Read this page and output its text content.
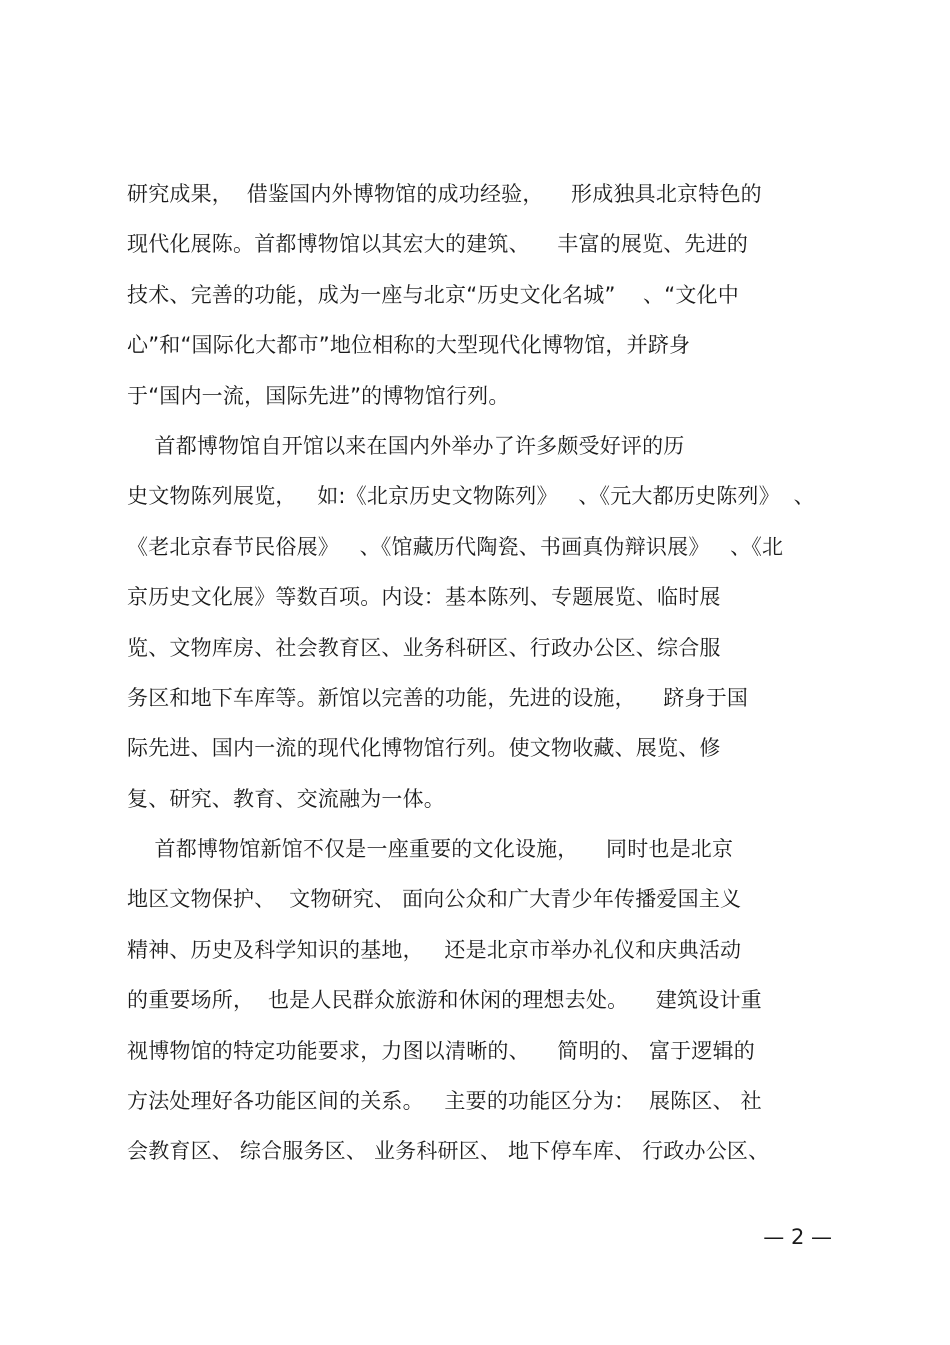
研究成果，  借鉴国内外博物馆的成功经验，    形成独具北京特色的
现代化展陈。首都博物馆以其宏大的建筑、    丰富的展览、先进的
技术、完善的功能，成为一座与北京“历史文化名城”    、“文化中
心”和“国际化大都市”地位相称的大型现代化博物馆，并跻身
于“国内一流，国际先进”的博物馆行列。
首都博物馆自开馆以来在国内外举办了许多颇受好评的历
史文物陈列展览，   如:《北京历史文物陈列》   、《元大都历史陈列》  、
《老北京春节民俗展》   、《馆藏历代陶瓷、书画真伪辩识展》   、《北
京历史文化展》等数百项。内设：基本陈列、专题展览、临时展
览、文物库房、社会教育区、业务科研区、行政办公区、综合服
务区和地下车库等。新馆以完善的功能，先进的设施，    跻身于国
际先进、国内一流的现代化博物馆行列。使文物收藏、展览、修
复、研究、教育、交流融为一体。
首都博物馆新馆不仅是一座重要的文化设施，    同时也是北京
地区文物保护、  文物研究、 面向公众和广大青少年传播爱国主义
精神、历史及科学知识的基地，   还是北京市举办礼仪和庆典活动
的重要场所，  也是人民群众旅游和休闲的理想去处。    建筑设计重
视博物馆的特定功能要求，力图以清晰的、    简明的、 富于逻辑的
方法处理好各功能区间的关系。   主要的功能区分为：  展陈区、 社
会教育区、 综合服务区、 业务科研区、 地下停车库、 行政办公区、
— 2 —
